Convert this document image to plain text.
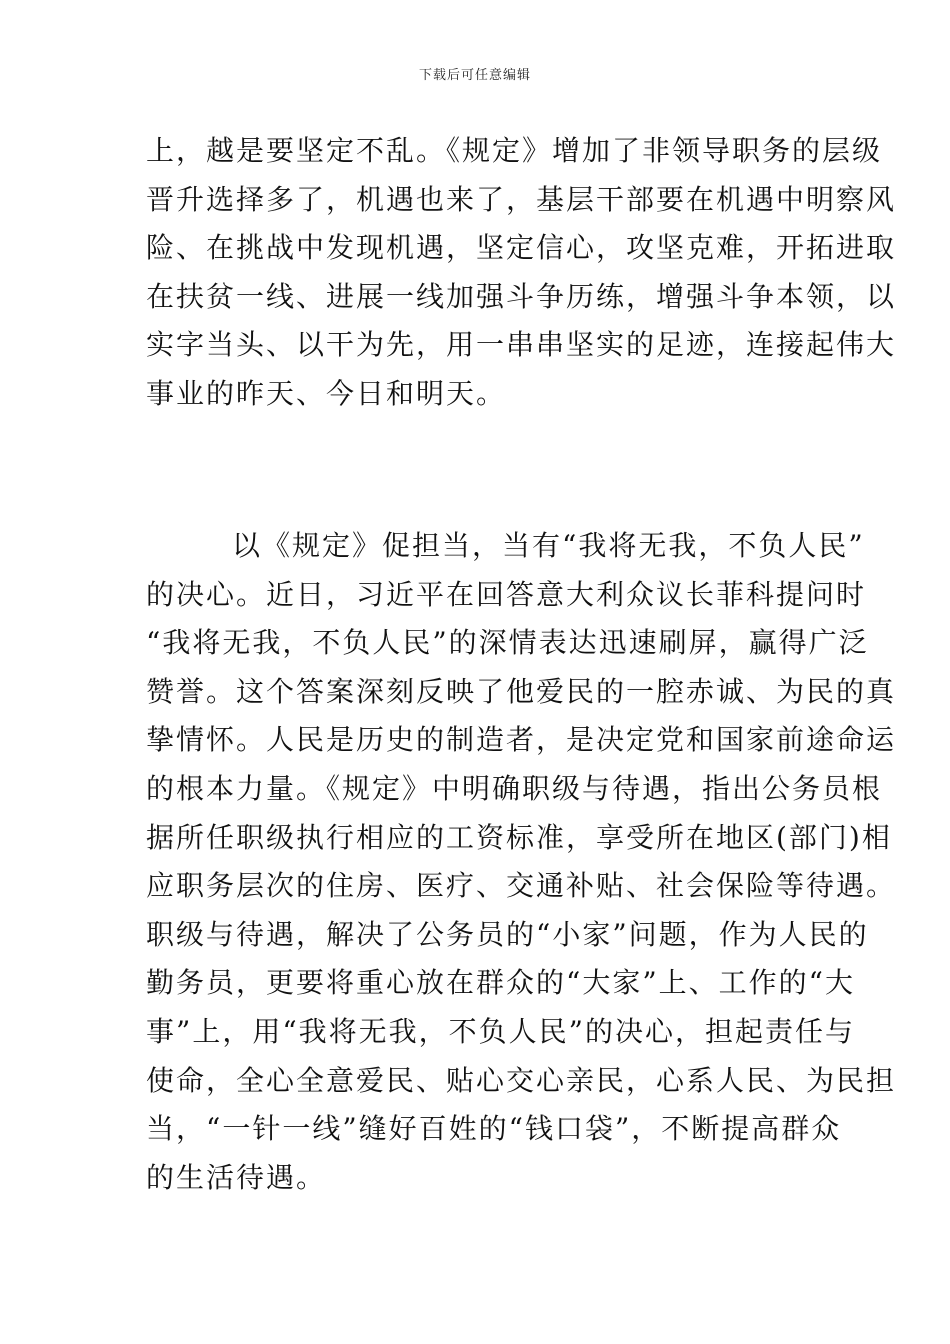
下载后可任意编辑
上，越是要坚定不乱。《规定》增加了非领导职务的层级
晋升选择多了，机遇也来了，基层干部要在机遇中明察风
险、在挑战中发现机遇，坚定信心，攻坚克难，开拓进取
在扶贫一线、进展一线加强斗争历练，增强斗争本领，以
实字当头、以干为先，用一串串坚实的足迹，连接起伟大
事业的昨天、今日和明天。
以《规定》促担当，当有“我将无我，不负人民”
的决心。近日，习近平在回答意大利众议长菲科提问时
“我将无我，不负人民”的深情表达迅速刷屏，赢得广泛
赞誉。这个答案深刻反映了他爱民的一腔赤诚、为民的真
挚情怀。人民是历史的制造者，是决定党和国家前途命运
的根本力量。《规定》中明确职级与待遇，指出公务员根
据所任职级执行相应的工资标准，享受所在地区(部门)相
应职务层次的住房、医疗、交通补贴、社会保险等待遇。
职级与待遇，解决了公务员的“小家”问题，作为人民的
勤务员，更要将重心放在群众的“大家”上、工作的“大
事”上，用“我将无我，不负人民”的决心，担起责任与
使命，全心全意爱民、贴心交心亲民，心系人民、为民担
当，“一针一线”缝好百姓的“钱口袋”，不断提高群众
的生活待遇。
